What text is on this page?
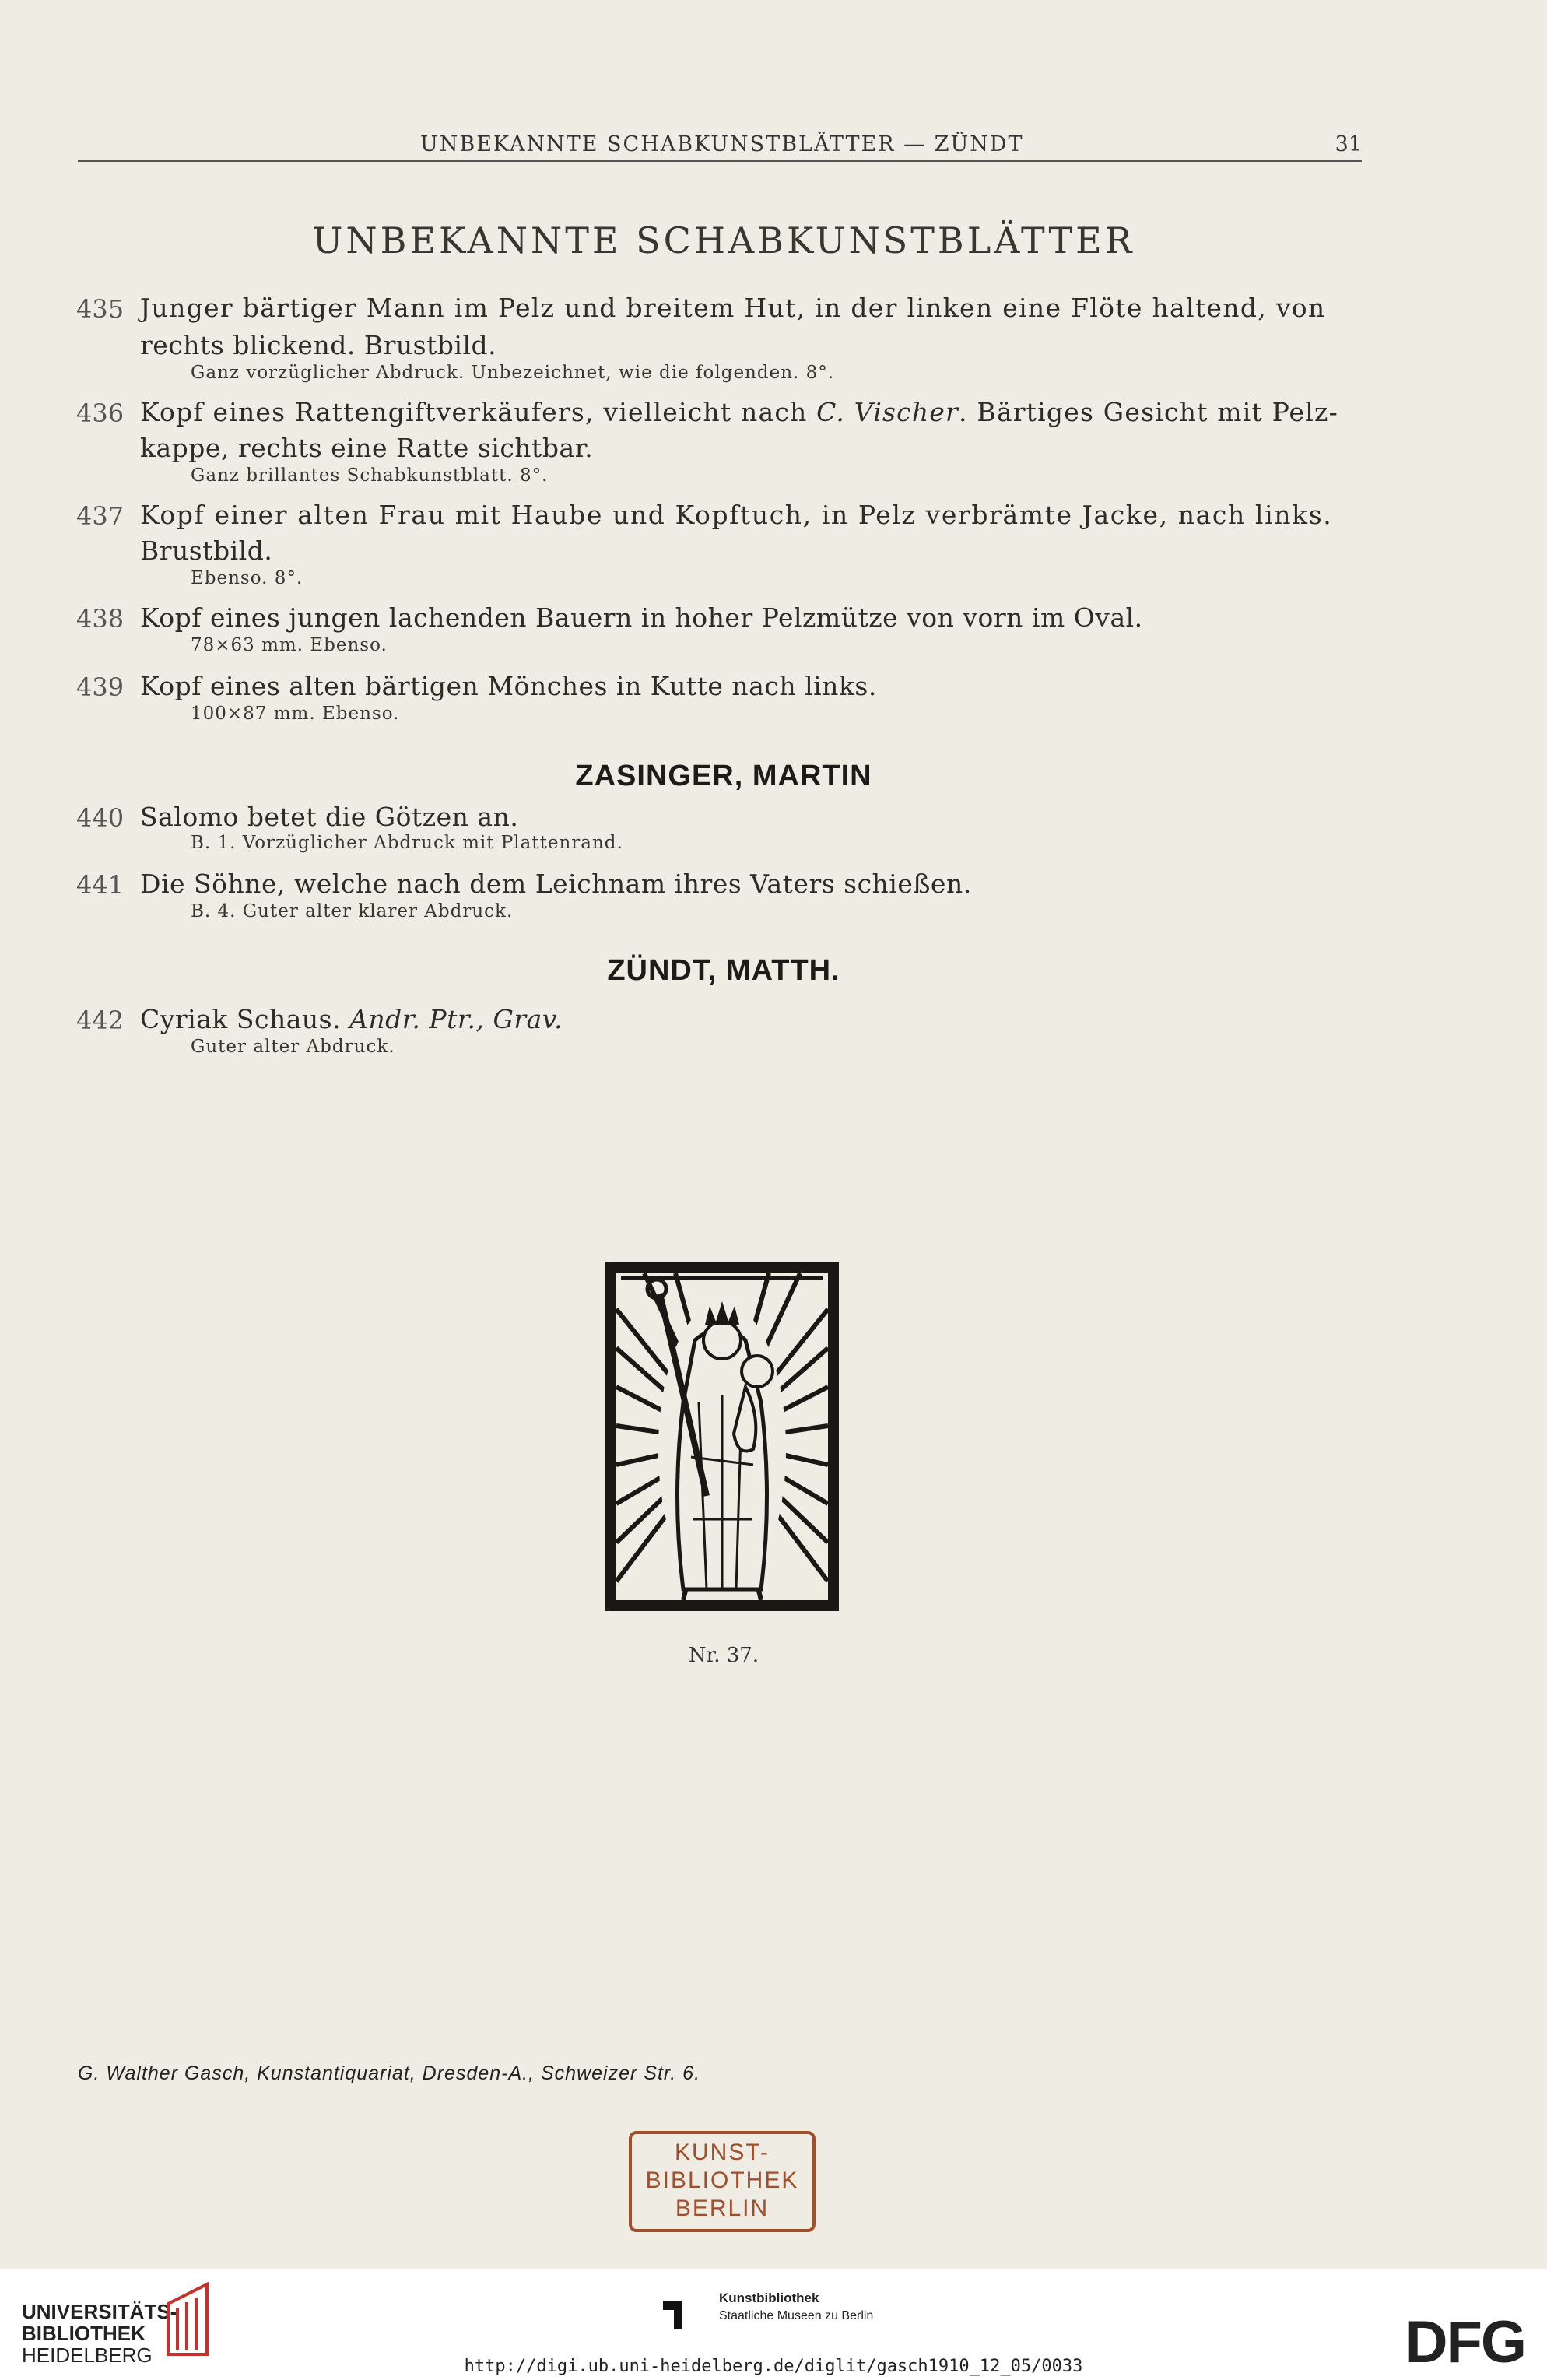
UNBEKANNTE SCHABKUNSTBLÄTTER — ZÜNDT	31
UNBEKANNTE SCHABKUNSTBLÄTTER
435 Junger bärtiger Mann im Pelz und breitem Hut, in der linken eine Flöte haltend, von
rechts blickend. Brustbild.
Ganz vorzüglicher Abdruck. Unbezeichnet, wie die folgenden. 8°.
436 Kopf eines Rattengiftverkäufers, vielleicht nach C. Vischer. Bärtiges Gesicht mit Pelz-
kappe, rechts eine Ratte sichtbar.
Ganz brillantes Schabkunstblatt. 8°.
437 Kopf einer alten Frau mit Haube und Kopftuch, in Pelz verbrämte Jacke, nach links.
Brustbild.
Ebenso. 8°.
438 Kopf eines jungen lachenden Bauern in hoher Pelzmütze von vorn im Oval.
78×63 mm. Ebenso.
439 Kopf eines alten bärtigen Mönches in Kutte nach links.
100×87 mm. Ebenso.
ZASINGER, MARTIN
440 Salomo betet die Götzen an.
B. 1. Vorzüglicher Abdruck mit Plattenrand.
441 Die Söhne, welche nach dem Leichnam ihres Vaters schießen.
B. 4. Guter alter klarer Abdruck.
ZÜNDT, MATTH.
442 Cyriak Schaus. Andr. Ptr., Grav.
Guter alter Abdruck.
Nr. 37.
G. Walther Gasch, Kunstantiquariat, Dresden-A., Schweizer Str. 6.
KUNST-
BIBLIOTHEK
BERLIN
UNIVERSITÄTS-
BIBLIOTHEK
HEIDELBERG
Kunstbibliothek
Staatliche Museen zu Berlin	DFG
http://digi.ub.uni-heidelberg.de/diglit/gasch1910_12_05/0033
